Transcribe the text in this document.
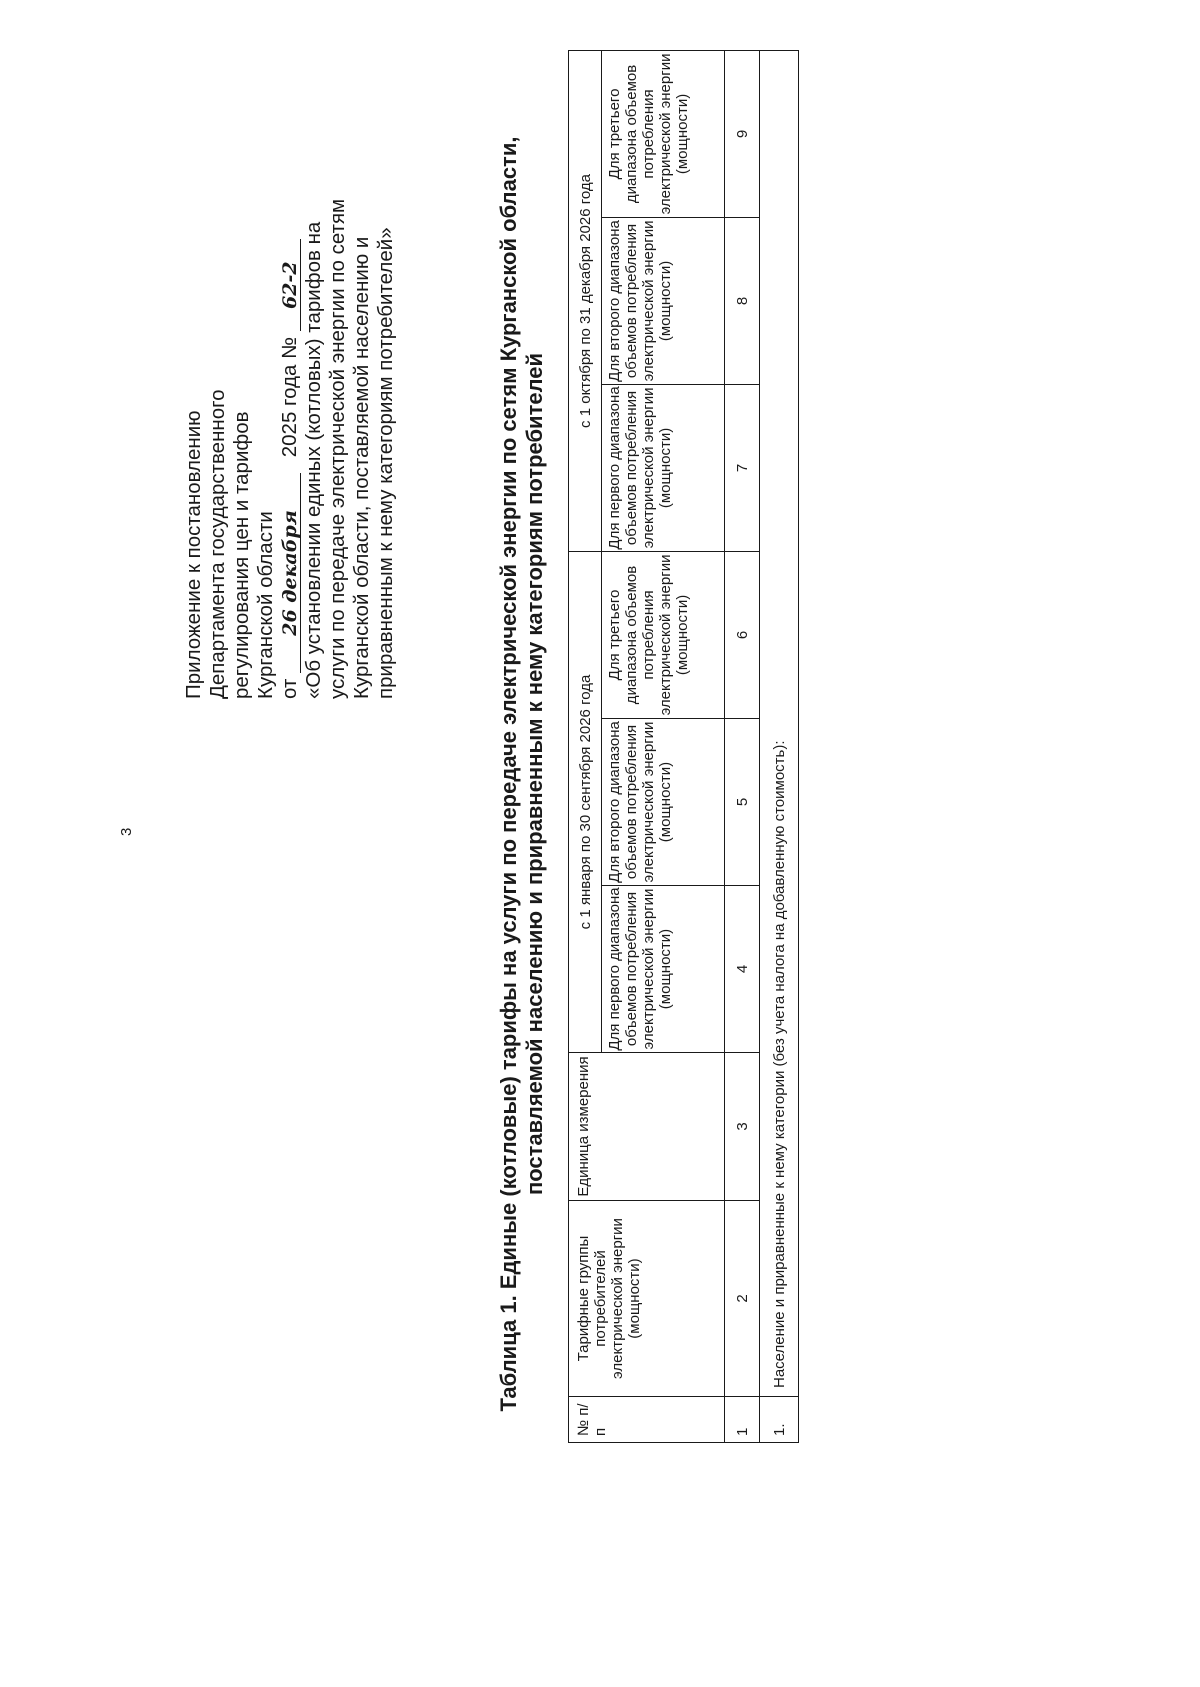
3
Приложение к постановлению Департамента государственного регулирования цен и тарифов Курганской области от 26 декабря 2025 года № 62-2 «Об установлении единых (котловых) тарифов на услуги по передаче электрической энергии по сетям Курганской области, поставляемой населению и приравненным к нему категориям потребителей»	Таблица 1. Единые (котловые) тарифы на услуги по передаче электрической энергии по сетям Курганской области, поставляемой населению и приравненным к нему категориям потребителей
№ п/п	Тарифные группы потребителей электрической энергии (мощности)	Единица измерения	с 1 января по 30 сентября 2026 года			с 1 октября по 31 декабря 2026 года		
			Для первого диапазона объемов потребления электрической энергии (мощности)	Для второго диапазона объемов потребления электрической энергии (мощности)	Для третьего диапазона объемов потребления электрической энергии (мощности)	Для первого диапазона объемов потребления электрической энергии (мощности)	Для второго диапазона объемов потребления электрической энергии (мощности)	Для третьего диапазона объемов потребления электрической энергии (мощности)
1	2	3	4	5	6	7	8	9
1.	Население и приравненные к нему категории (без учета налога на добавленную стоимость):							
